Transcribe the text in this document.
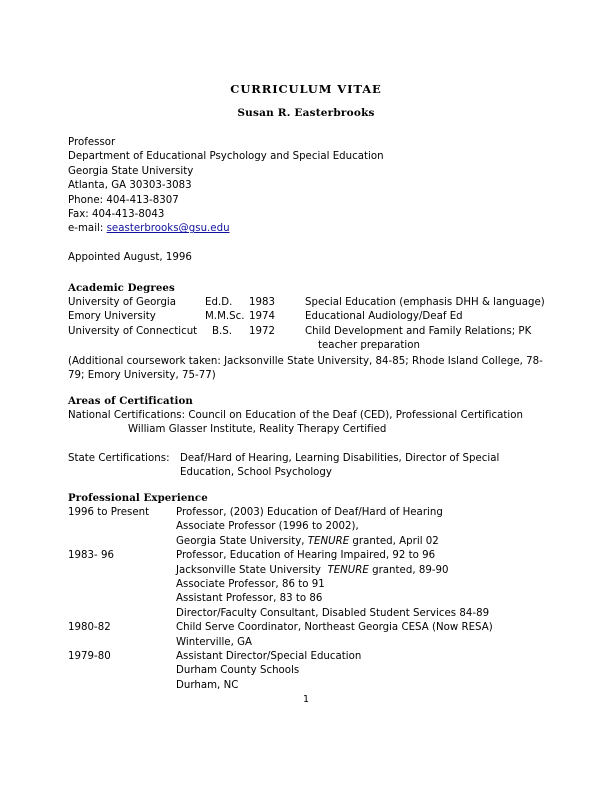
CURRICULUM VITAE
Susan R. Easterbrooks
Professor
Department of Educational Psychology and Special Education
Georgia State University
Atlanta, GA 30303-3083
Phone: 404-413-8307
Fax: 404-413-8043
e-mail: seasterbrooks@gsu.edu
Appointed August, 1996
Academic Degrees
University of Georgia	Ed.D. 1983	Special Education (emphasis DHH & language)
Emory University	M.M.Sc. 1974	Educational Audiology/Deaf Ed
University of Connecticut B.S. 1972	Child Development and Family Relations; PK
teacher preparation
(Additional coursework taken: Jacksonville State University, 84-85; Rhode Island College, 78-
79; Emory University, 75-77)
Areas of Certification
National Certifications: Council on Education of the Deaf (CED), Professional Certification
William Glasser Institute, Reality Therapy Certified
State Certifications: Deaf/Hard of Hearing, Learning Disabilities, Director of Special
Education, School Psychology
Professional Experience
1996 to Present	Professor, (2003) Education of Deaf/Hard of Hearing
Associate Professor (1996 to 2002),
Georgia State University, TENURE granted, April 02
1983- 96	Professor, Education of Hearing Impaired, 92 to 96
Jacksonville State University  TENURE granted, 89-90
Associate Professor, 86 to 91
Assistant Professor, 83 to 86
Director/Faculty Consultant, Disabled Student Services 84-89
1980-82	Child Serve Coordinator, Northeast Georgia CESA (Now RESA)
Winterville, GA
1979-80	Assistant Director/Special Education
Durham County Schools
Durham, NC
1
